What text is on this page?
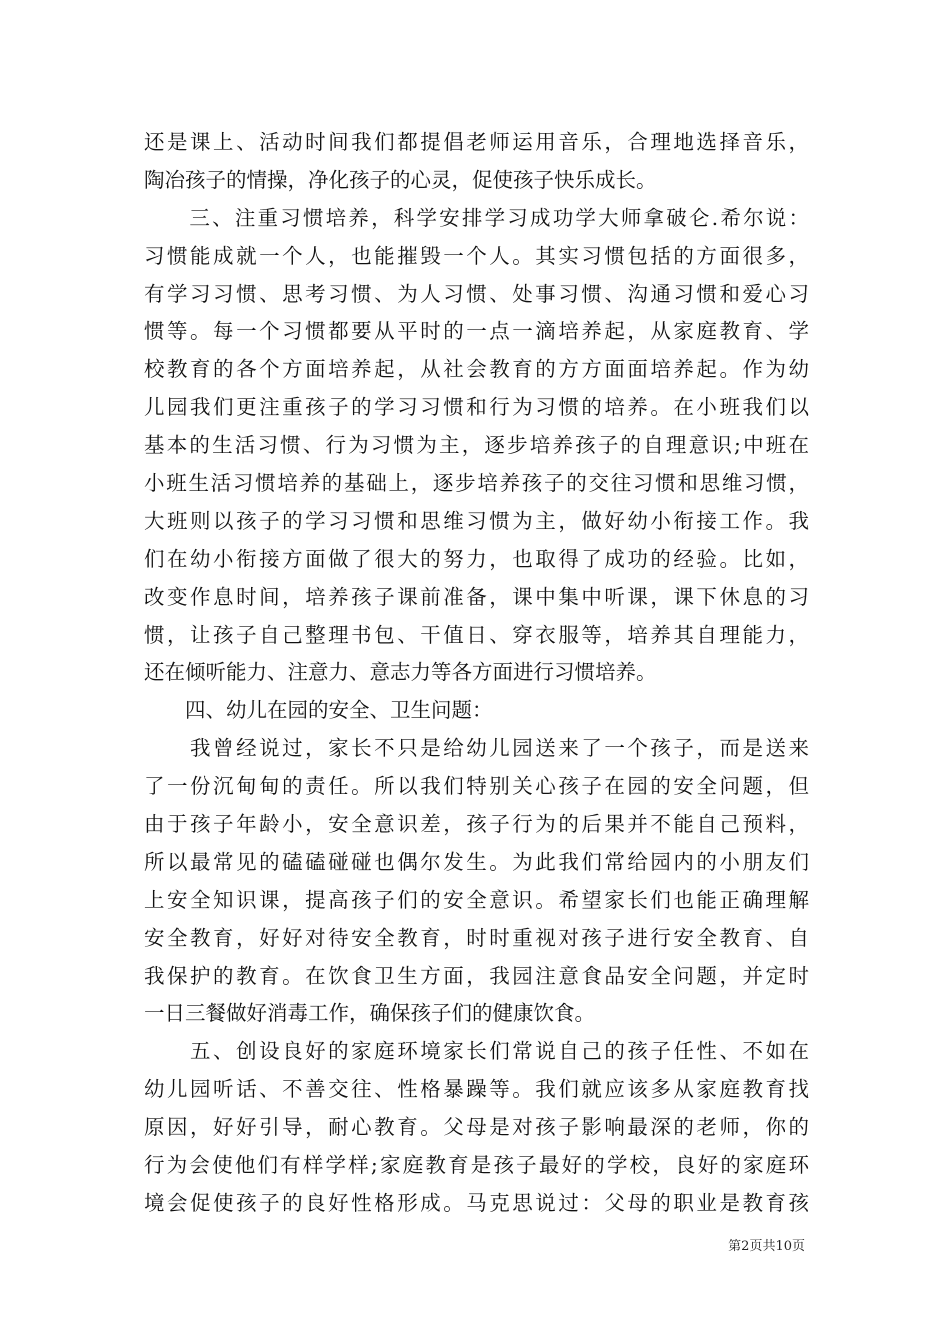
还是课上、活动时间我们都提倡老师运用音乐，合理地选择音乐，
陶冶孩子的情操，净化孩子的心灵，促使孩子快乐成长。
　　三、注重习惯培养，科学安排学习成功学大师拿破仑.希尔说：
习惯能成就一个人，也能摧毁一个人。其实习惯包括的方面很多，
有学习习惯、思考习惯、为人习惯、处事习惯、沟通习惯和爱心习
惯等。每一个习惯都要从平时的一点一滴培养起，从家庭教育、学
校教育的各个方面培养起，从社会教育的方方面面培养起。作为幼
儿园我们更注重孩子的学习习惯和行为习惯的培养。在小班我们以
基本的生活习惯、行为习惯为主，逐步培养孩子的自理意识;中班在
小班生活习惯培养的基础上，逐步培养孩子的交往习惯和思维习惯，
大班则以孩子的学习习惯和思维习惯为主，做好幼小衔接工作。我
们在幼小衔接方面做了很大的努力，也取得了成功的经验。比如，
改变作息时间，培养孩子课前准备，课中集中听课，课下休息的习
惯，让孩子自己整理书包、干值日、穿衣服等，培养其自理能力，
还在倾听能力、注意力、意志力等各方面进行习惯培养。
　　四、幼儿在园的安全、卫生问题：
　　我曾经说过，家长不只是给幼儿园送来了一个孩子，而是送来
了一份沉甸甸的责任。所以我们特别关心孩子在园的安全问题，但
由于孩子年龄小，安全意识差，孩子行为的后果并不能自己预料，
所以最常见的磕磕碰碰也偶尔发生。为此我们常给园内的小朋友们
上安全知识课，提高孩子们的安全意识。希望家长们也能正确理解
安全教育，好好对待安全教育，时时重视对孩子进行安全教育、自
我保护的教育。在饮食卫生方面，我园注意食品安全问题，并定时
一日三餐做好消毒工作，确保孩子们的健康饮食。
　　五、创设良好的家庭环境家长们常说自己的孩子任性、不如在
幼儿园听话、不善交往、性格暴躁等。我们就应该多从家庭教育找
原因，好好引导，耐心教育。父母是对孩子影响最深的老师，你的
行为会使他们有样学样;家庭教育是孩子最好的学校，良好的家庭环
境会促使孩子的良好性格形成。马克思说过：父母的职业是教育孩
第2页共10页
